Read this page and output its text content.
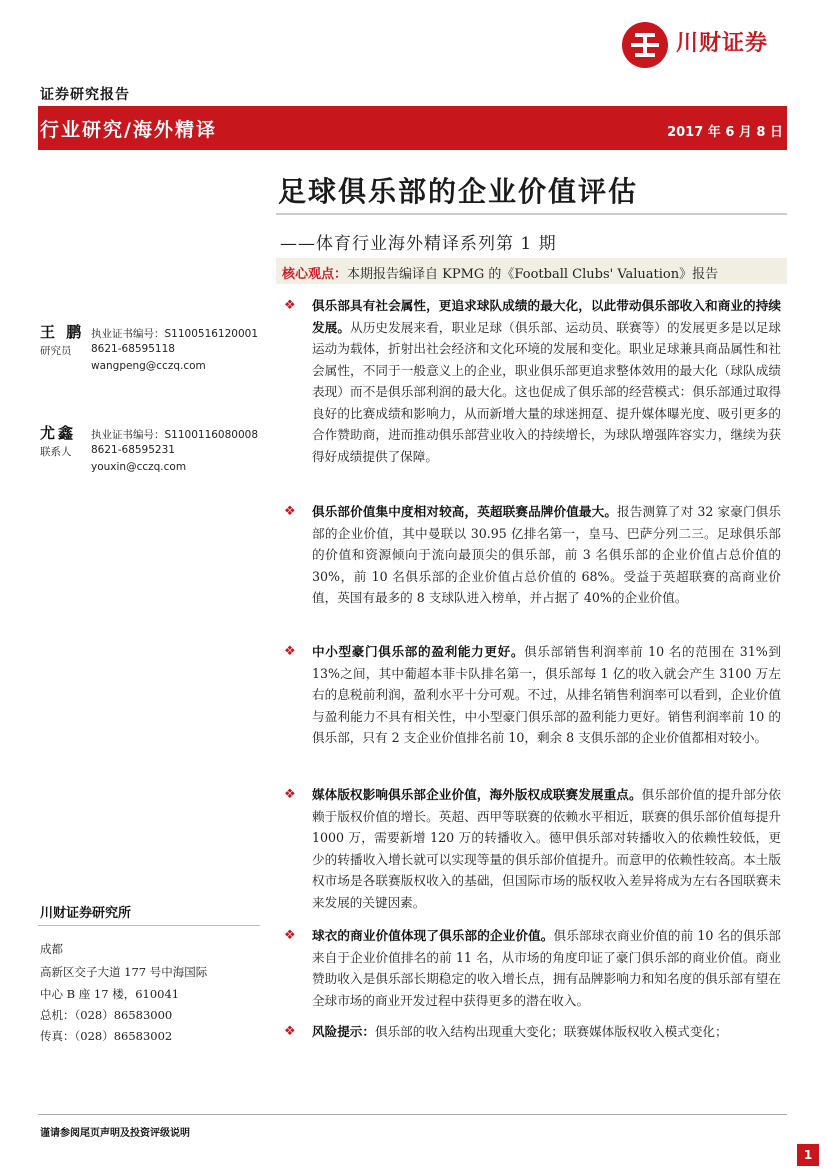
川财证券
证券研究报告
行业研究/海外精译	2017 年 6 月 8 日
足球俱乐部的企业价值评估
——体育行业海外精译系列第 1 期
核心观点：本期报告编译自 KPMG 的《Football Clubs' Valuation》报告
王 鹏
研究员
执业证书编号：S1100516120001
8621-68595118
wangpeng@cczq.com
尤鑫
联系人
执业证书编号：S1100116080008
8621-68595231
youxin@cczq.com
❖	俱乐部具有社会属性，更追求球队成绩的最大化，以此带动俱乐部收入和商业的持续发展。从历史发展来看，职业足球（俱乐部、运动员、联赛等）的发展更多是以足球运动为载体，折射出社会经济和文化环境的发展和变化。职业足球兼具商品属性和社会属性，不同于一般意义上的企业，职业俱乐部更追求整体效用的最大化（球队成绩表现）而不是俱乐部利润的最大化。这也促成了俱乐部的经营模式：俱乐部通过取得良好的比赛成绩和影响力，从而新增大量的球迷拥趸、提升媒体曝光度、吸引更多的合作赞助商，进而推动俱乐部营业收入的持续增长，为球队增强阵容实力，继续为获得好成绩提供了保障。
❖	俱乐部价值集中度相对较高，英超联赛品牌价值最大。报告测算了对 32 家豪门俱乐部的企业价值，其中曼联以 30.95 亿排名第一，皇马、巴萨分列二三。足球俱乐部的价值和资源倾向于流向最顶尖的俱乐部，前 3 名俱乐部的企业价值占总价值的 30%，前 10 名俱乐部的企业价值占总价值的 68%。受益于英超联赛的高商业价值，英国有最多的 8 支球队进入榜单，并占据了 40%的企业价值。
❖	中小型豪门俱乐部的盈利能力更好。俱乐部销售利润率前 10 名的范围在 31%到 13%之间，其中葡超本菲卡队排名第一，俱乐部每 1 亿的收入就会产生 3100 万左右的息税前利润，盈利水平十分可观。不过，从排名销售利润率可以看到，企业价值与盈利能力不具有相关性，中小型豪门俱乐部的盈利能力更好。销售利润率前 10 的俱乐部，只有 2 支企业价值排名前 10，剩余 8 支俱乐部的企业价值都相对较小。
❖	媒体版权影响俱乐部企业价值，海外版权成联赛发展重点。俱乐部价值的提升部分依赖于版权价值的增长。英超、西甲等联赛的依赖水平相近，联赛的俱乐部价值每提升 1000 万，需要新增 120 万的转播收入。德甲俱乐部对转播收入的依赖性较低，更少的转播收入增长就可以实现等量的俱乐部价值提升。而意甲的依赖性较高。本土版权市场是各联赛版权收入的基础，但国际市场的版权收入差异将成为左右各国联赛未来发展的关键因素。
❖	球衣的商业价值体现了俱乐部的企业价值。俱乐部球衣商业价值的前 10 名的俱乐部来自于企业价值排名的前 11 名，从市场的角度印证了豪门俱乐部的商业价值。商业赞助收入是俱乐部长期稳定的收入增长点，拥有品牌影响力和知名度的俱乐部有望在全球市场的商业开发过程中获得更多的潜在收入。
❖	风险提示：俱乐部的收入结构出现重大变化；联赛媒体版权收入模式变化；
川财证券研究所
成都
高新区交子大道 177 号中海国际
中心 B 座 17 楼，610041
总机：（028）86583000
传真：（028）86583002
谨请参阅尾页声明及投资评级说明
1
